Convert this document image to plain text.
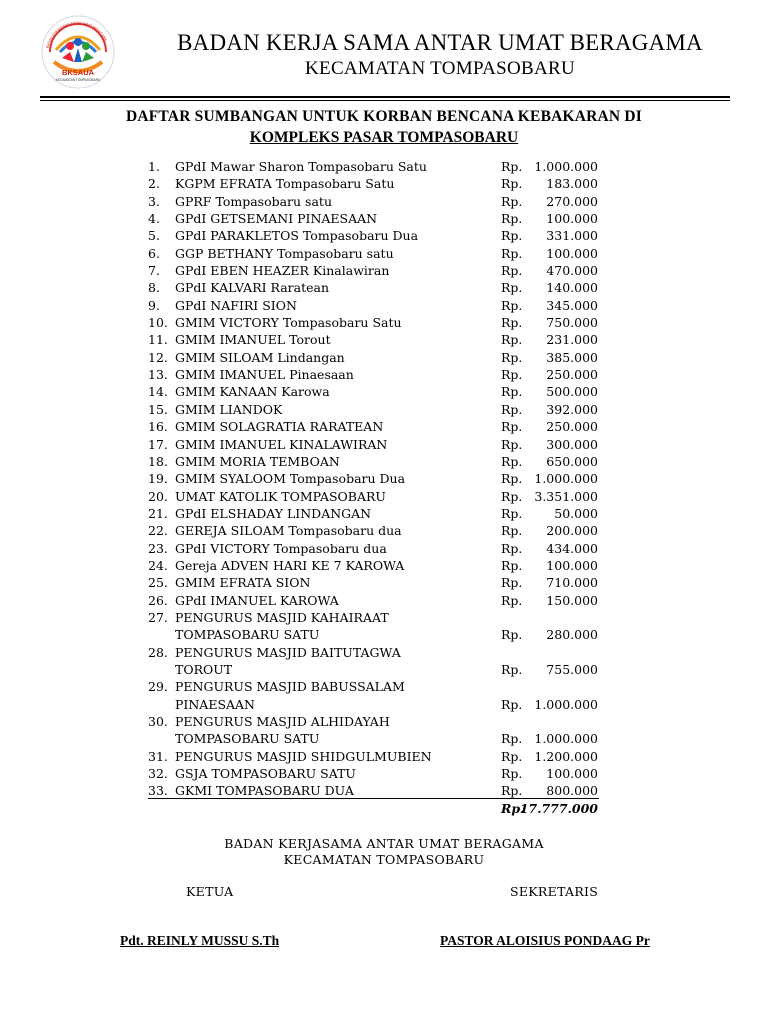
BKSAUA
KECAMATAN TOMPASOBARU
BADAN KERJASAMA ANTAR UMAT BERAGAMA	BADAN KERJA SAMA ANTAR UMAT BERAGAMA
KECAMATAN TOMPASOBARU
DAFTAR SUMBANGAN UNTUK KORBAN BENCANA KEBAKARAN DI
KOMPLEKS PASAR TOMPASOBARU
1. GPdI Mawar Sharon Tompasobaru Satu	Rp. 1.000.000
2. KGPM EFRATA Tompasobaru Satu	Rp. 183.000
3. GPRF Tompasobaru satu	Rp. 270.000
4. GPdI GETSEMANI PINAESAAN	Rp. 100.000
5. GPdI PARAKLETOS Tompasobaru Dua	Rp. 331.000
6. GGP BETHANY Tompasobaru satu	Rp. 100.000
7. GPdI EBEN HEAZER Kinalawiran	Rp. 470.000
8. GPdI KALVARI Raratean	Rp. 140.000
9. GPdI NAFIRI SION	Rp. 345.000
10. GMIM VICTORY Tompasobaru Satu	Rp. 750.000
11. GMIM IMANUEL Torout	Rp. 231.000
12. GMIM SILOAM Lindangan	Rp. 385.000
13. GMIM IMANUEL Pinaesaan	Rp. 250.000
14. GMIM KANAAN Karowa	Rp. 500.000
15. GMIM LIANDOK	Rp. 392.000
16. GMIM SOLAGRATIA RARATEAN	Rp. 250.000
17. GMIM IMANUEL KINALAWIRAN	Rp. 300.000
18. GMIM MORIA TEMBOAN	Rp. 650.000
19. GMIM SYALOOM Tompasobaru Dua	Rp. 1.000.000
20. UMAT KATOLIK TOMPASOBARU	Rp. 3.351.000
21. GPdI ELSHADAY LINDANGAN	Rp.	50.000
22. GEREJA SILOAM Tompasobaru dua	Rp. 200.000
23. GPdI VICTORY Tompasobaru dua	Rp. 434.000
24. Gereja ADVEN HARI KE 7 KAROWA	Rp. 100.000
25. GMIM EFRATA SION	Rp. 710.000
26. GPdI IMANUEL KAROWA	Rp. 150.000
27. PENGURUS MASJID KAHAIRAAT
TOMPASOBARU SATU	Rp. 280.000
28. PENGURUS MASJID BAITUTAGWA
TOROUT	Rp. 755.000
29. PENGURUS MASJID BABUSSALAM
PINAESAAN	Rp. 1.000.000
30. PENGURUS MASJID ALHIDAYAH
TOMPASOBARU SATU	Rp. 1.000.000
31. PENGURUS MASJID SHIDGULMUBIEN	Rp. 1.200.000
32. GSJA TOMPASOBARU SATU	Rp. 100.000
33. GKMI TOMPASOBARU DUA	Rp. 800.000
Rp.
17.777.000
BADAN KERJASAMA ANTAR UMAT BERAGAMA
KECAMATAN TOMPASOBARU
KETUA	SEKRETARIS
Pdt. REINLY MUSSU S.Th	PASTOR ALOISIUS PONDAAG Pr
